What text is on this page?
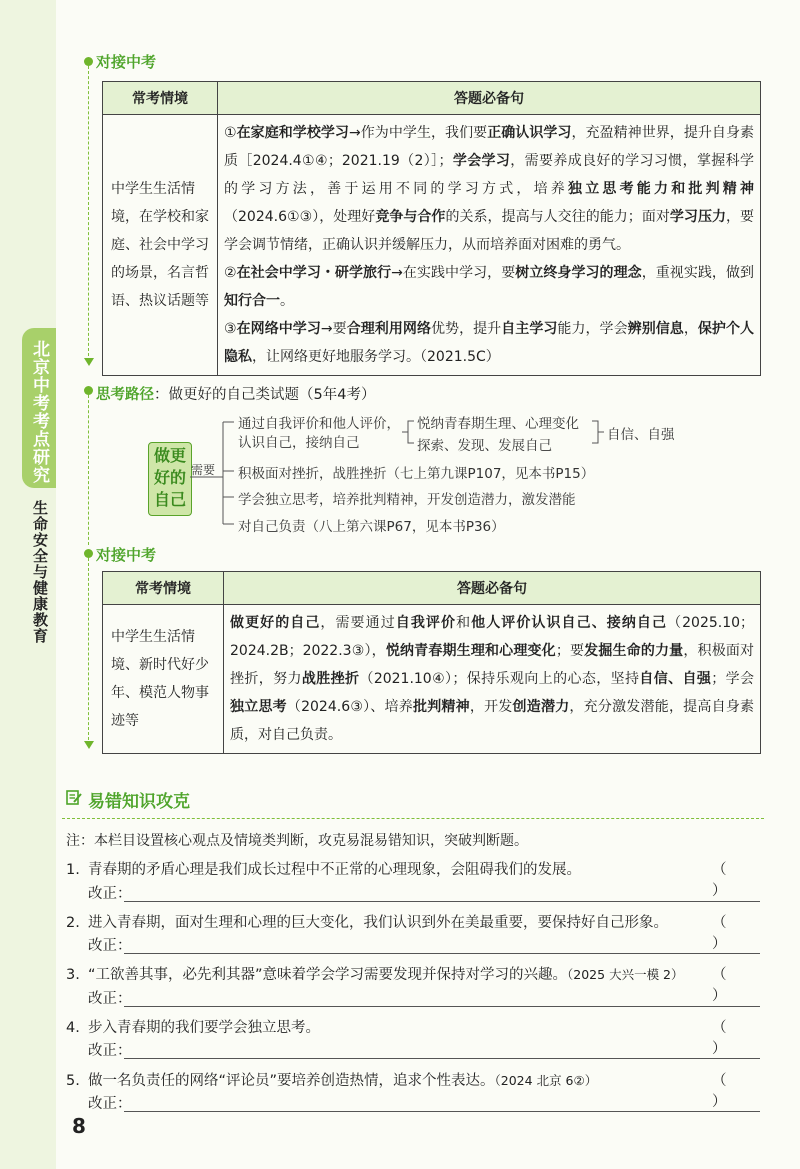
北京中考考点研究
生命安全与健康教育
对接中考
常考情境	答题必备句
中学生生活情境，在学校和家庭、社会中学习的场景，名言哲语、热议话题等	①在家庭和学校学习→作为中学生，我们要正确认识学习，充盈精神世界，提升自身素质［2024.4①④；2021.19（2）］；学会学习，需要养成良好的学习习惯，掌握科学的学习方法，善于运用不同的学习方式，培养独立思考能力和批判精神（2024.6①③），处理好竞争与合作的关系，提高与人交往的能力；面对学习压力，要学会调节情绪，正确认识并缓解压力，从而培养面对困难的勇气。
②在社会中学习・研学旅行→在实践中学习，要树立终身学习的理念，重视实践，做到知行合一。
③在网络中学习→要合理利用网络优势，提升自主学习能力，学会辨别信息，保护个人隐私，让网络更好地服务学习。（2021.5C）
思考路径：做更好的自己类试题（5年4考）
做更好的自己
需要
通过自我评价和他人评价，
认识自己，接纳自己
悦纳青春期生理、心理变化
探索、发现、发展自己
自信、自强
积极面对挫折，战胜挫折（七上第九课P107，见本书P15）
学会独立思考，培养批判精神，开发创造潜力，激发潜能
对自己负责（八上第六课P67，见本书P36）
对接中考
常考情境	答题必备句
中学生生活情境、新时代好少年、模范人物事迹等	做更好的自己，需要通过自我评价和他人评价认识自己、接纳自己（2025.10；2024.2B；2022.3③），悦纳青春期生理和心理变化；要发掘生命的力量，积极面对挫折，努力战胜挫折（2021.10④）；保持乐观向上的心态，坚持自信、自强；学会独立思考（2024.6③）、培养批判精神，开发创造潜力，充分激发潜能，提高自身素质，对自己负责。
易错知识攻克
注：本栏目设置核心观点及情境类判断，攻克易混易错知识，突破判断题。
1. 青春期的矛盾心理是我们成长过程中不正常的心理现象，会阻碍我们的发展。	（ ）
改正：
2. 进入青春期，面对生理和心理的巨大变化，我们认识到外在美最重要，要保持好自己形象。	（ ）
改正：
3. “工欲善其事，必先利其器”意味着学会学习需要发现并保持对学习的兴趣。（2025 大兴一模 2） （ ）
改正：
4. 步入青春期的我们要学会独立思考。	（ ）
改正：
5. 做一名负责任的网络“评论员”要培养创造热情，追求个性表达。（2024 北京 6②）	（ ）
改正：
8
